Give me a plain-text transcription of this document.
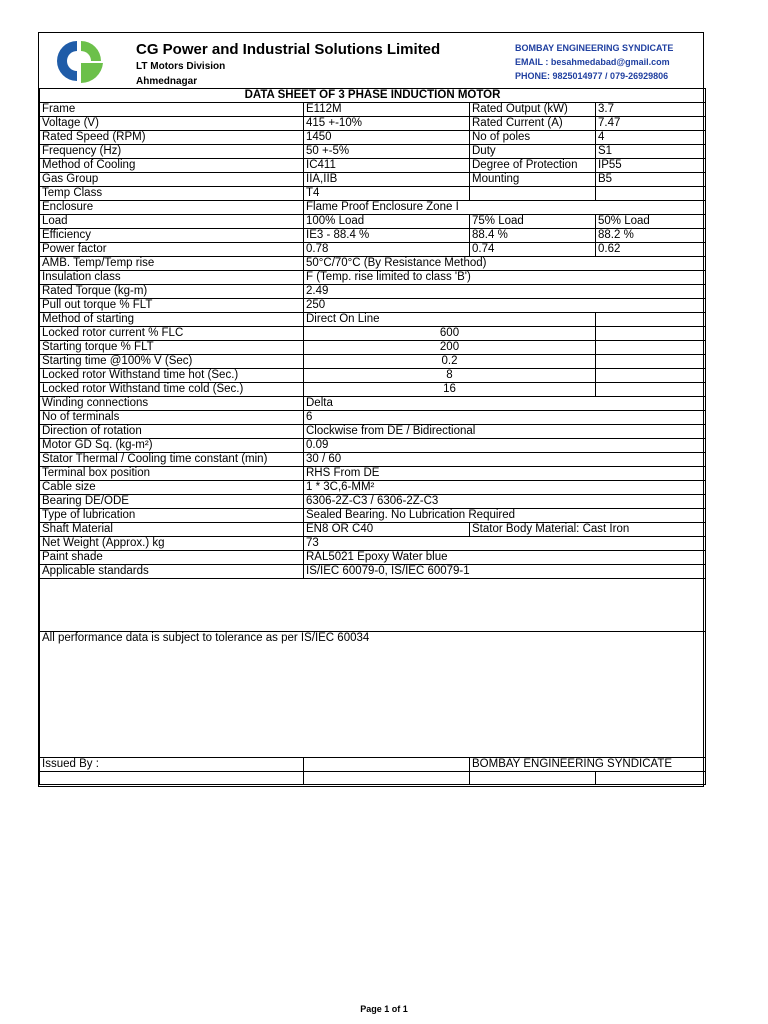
CG Power and Industrial Solutions Limited
LT Motors Division
Ahmednagar
BOMBAY ENGINEERING SYNDICATE
EMAIL : besahmedabad@gmail.com
PHONE: 9825014977 / 079-26929806
DATA SHEET OF 3 PHASE INDUCTION MOTOR			
Frame	E112M	Rated Output (kW)	3.7
Voltage (V)	415 +-10%	Rated Current (A)	7.47
Rated Speed (RPM)	1450	No of poles	4
Frequency (Hz)	50 +-5%	Duty	S1
Method of Cooling	IC411	Degree of Protection	IP55
Gas Group	IIA,IIB	Mounting	B5
Temp Class	T4		
Enclosure	Flame Proof Enclosure Zone I		
Load	100% Load	75% Load	50% Load
Efficiency	IE3 - 88.4 %	88.4 %	88.2 %
Power factor	0.78	0.74	0.62
AMB. Temp/Temp rise	50°C/70°C (By Resistance Method)		
Insulation class	F (Temp. rise limited to class 'B')		
Rated Torque (kg-m)	2.49		
Pull out torque % FLT	250		
Method of starting	Direct On Line		
Locked rotor current % FLC	600		
Starting torque % FLT	200		
Starting time @100% V (Sec)	0.2		
Locked rotor Withstand time hot (Sec.)	8		
Locked rotor Withstand time cold (Sec.)	16		
Winding connections	Delta		
No of terminals	6		
Direction of rotation	Clockwise from DE / Bidirectional		
Motor GD Sq. (kg-m²)	0.09		
Stator Thermal / Cooling time constant (min)	30 / 60		
Terminal box position	RHS From DE		
Cable size	1 * 3C,6-MM²		
Bearing DE/ODE	6306-2Z-C3 / 6306-2Z-C3		
Type of lubrication	Sealed Bearing. No Lubrication Required		
Shaft Material	EN8 OR C40	Stator Body Material: Cast Iron	
Net Weight (Approx.) kg	73		
Paint shade	RAL5021 Epoxy Water blue		
Applicable standards	IS/IEC 60079-0, IS/IEC 60079-1		

All performance data is subject to tolerance as per IS/IEC 60034			
Issued By :		BOMBAY ENGINEERING SYNDICATE	

Page 1 of 1
